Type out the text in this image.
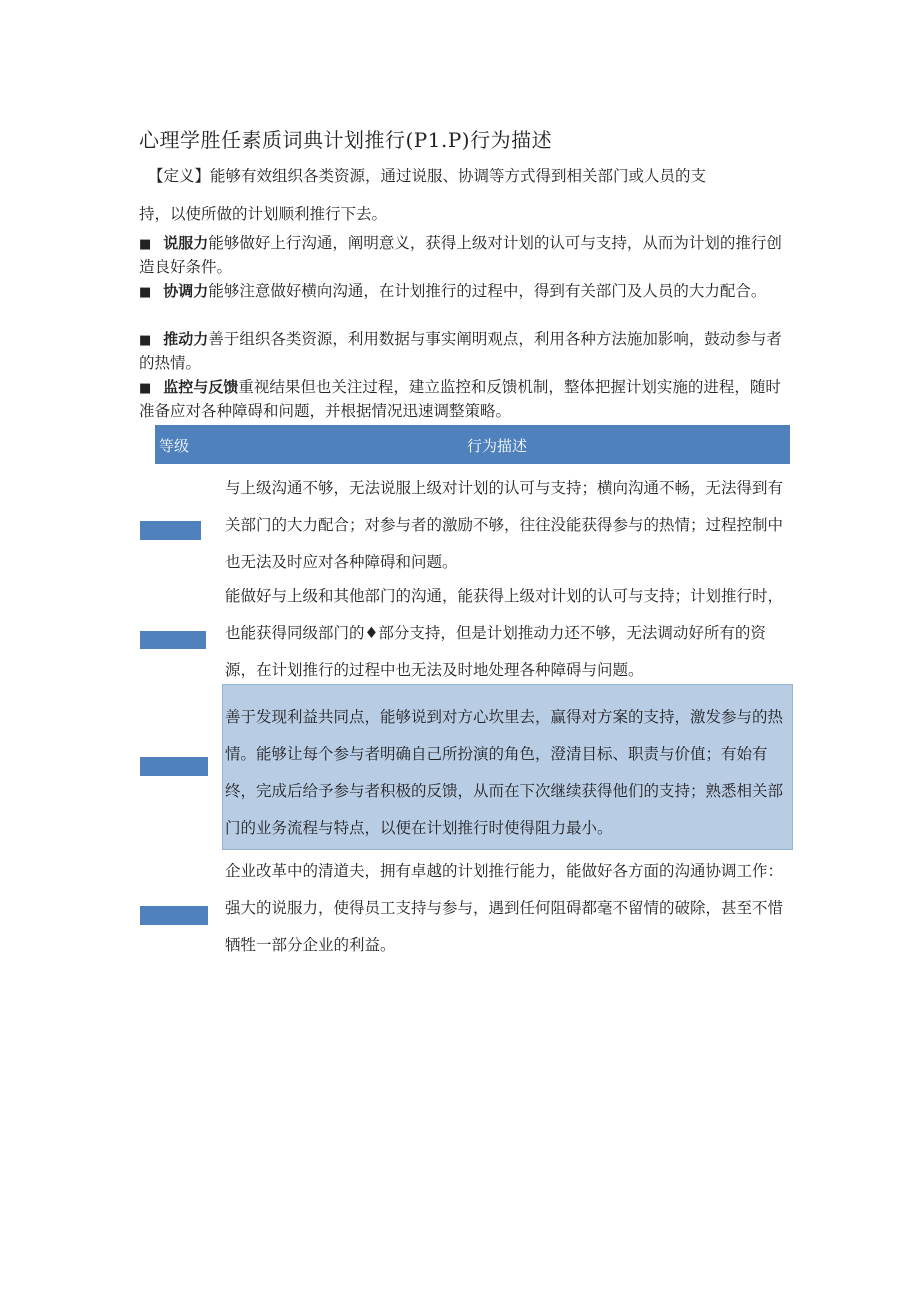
心理学胜任素质词典计划推行(P1.P)行为描述
【定义】能够有效组织各类资源，通过说服、协调等方式得到相关部门或人员的支
持，以使所做的计划顺利推行下去。
■ 说服力能够做好上行沟通，阐明意义，获得上级对计划的认可与支持，从而为计划的推行创造良好条件。
■ 协调力能够注意做好横向沟通，在计划推行的过程中，得到有关部门及人员的大力配合。
■ 推动力善于组织各类资源，利用数据与事实阐明观点，利用各种方法施加影响，鼓动参与者的热情。
■ 监控与反馈重视结果但也关注过程，建立监控和反馈机制，整体把握计划实施的进程，随时准备应对各种障碍和问题，并根据情况迅速调整策略。
等级	行为描述
与上级沟通不够，无法说服上级对计划的认可与支持；横向沟通不畅，无法得到有关部门的大力配合；对参与者的激励不够，往往没能获得参与的热情；过程控制中也无法及时应对各种障碍和问题。
能做好与上级和其他部门的沟通，能获得上级对计划的认可与支持；计划推行时，也能获得同级部门的♦部分支持，但是计划推动力还不够，无法调动好所有的资源，在计划推行的过程中也无法及时地处理各种障碍与问题。
善于发现利益共同点，能够说到对方心坎里去，赢得对方案的支持，激发参与的热情。能够让每个参与者明确自己所扮演的角色，澄清目标、职责与价值；有始有终，完成后给予参与者积极的反馈，从而在下次继续获得他们的支持；熟悉相关部门的业务流程与特点，以便在计划推行时使得阻力最小。
企业改革中的清道夫，拥有卓越的计划推行能力，能做好各方面的沟通协调工作：强大的说服力，使得员工支持与参与，遇到任何阻碍都毫不留情的破除，甚至不惜牺牲一部分企业的利益。
